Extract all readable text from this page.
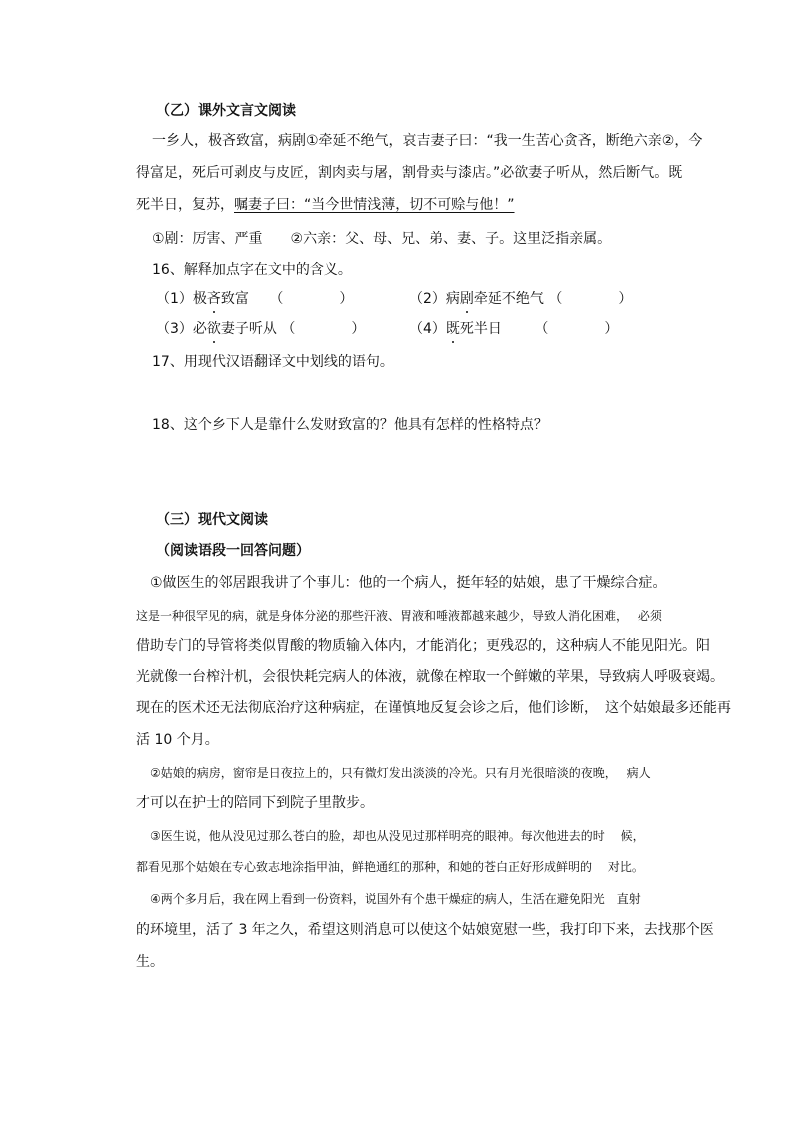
（乙）课外文言文阅读
一乡人，极吝致富，病剧①牵延不绝气，哀吉妻子曰：“我一生苦心贪吝，断绝六亲②，今
得富足，死后可剥皮与皮匠，割肉卖与屠，割骨卖与漆店。”必欲妻子听从，然后断气。既
死半日，复苏，嘱妻子曰：“当今世情浅薄，切不可赊与他！”
①剧：厉害、严重　　②六亲：父、母、兄、弟、妻、子。这里泛指亲属。
16、解释加点字在文中的含义。
（1）极吝致富 （　　　　）	（2）病剧牵延不绝气 （　　　　）
（3）必欲妻子听从 （　　　　）	（4）既死半日 （　　　　）
17、用现代汉语翻译文中划线的语句。
18、这个乡下人是靠什么发财致富的？他具有怎样的性格特点？
（三）现代文阅读
（阅读语段一回答问题）
①做医生的邻居跟我讲了个事儿：他的一个病人，挺年轻的姑娘，患了干燥综合症。
这是一种很罕见的病，就是身体分泌的那些汗液、胃液和唾液都越来越少，导致人消化困难，　 必须
借助专门的导管将类似胃酸的物质输入体内，才能消化；更残忍的，这种病人不能见阳光。阳
光就像一台榨汁机，会很快耗完病人的体液，就像在榨取一个鲜嫩的苹果，导致病人呼吸衰竭。
现在的医术还无法彻底治疗这种病症，在谨慎地反复会诊之后，他们诊断，　这个姑娘最多还能再
活 10 个月。
②姑娘的病房，窗帘是日夜拉上的，只有微灯发出淡淡的冷光。只有月光很暗淡的夜晚，　 病人
才可以在护士的陪同下到院子里散步。
③医生说，他从没见过那么苍白的脸，却也从没见过那样明亮的眼神。每次他进去的时　 候，
都看见那个姑娘在专心致志地涂指甲油，鲜艳通红的那种，和她的苍白正好形成鲜明的　 对比。
④两个多月后，我在网上看到一份资料，说国外有个患干燥症的病人，生活在避免阳光　直射
的环境里，活了 3 年之久，希望这则消息可以使这个姑娘宽慰一些，我打印下来，去找那个医
生。
